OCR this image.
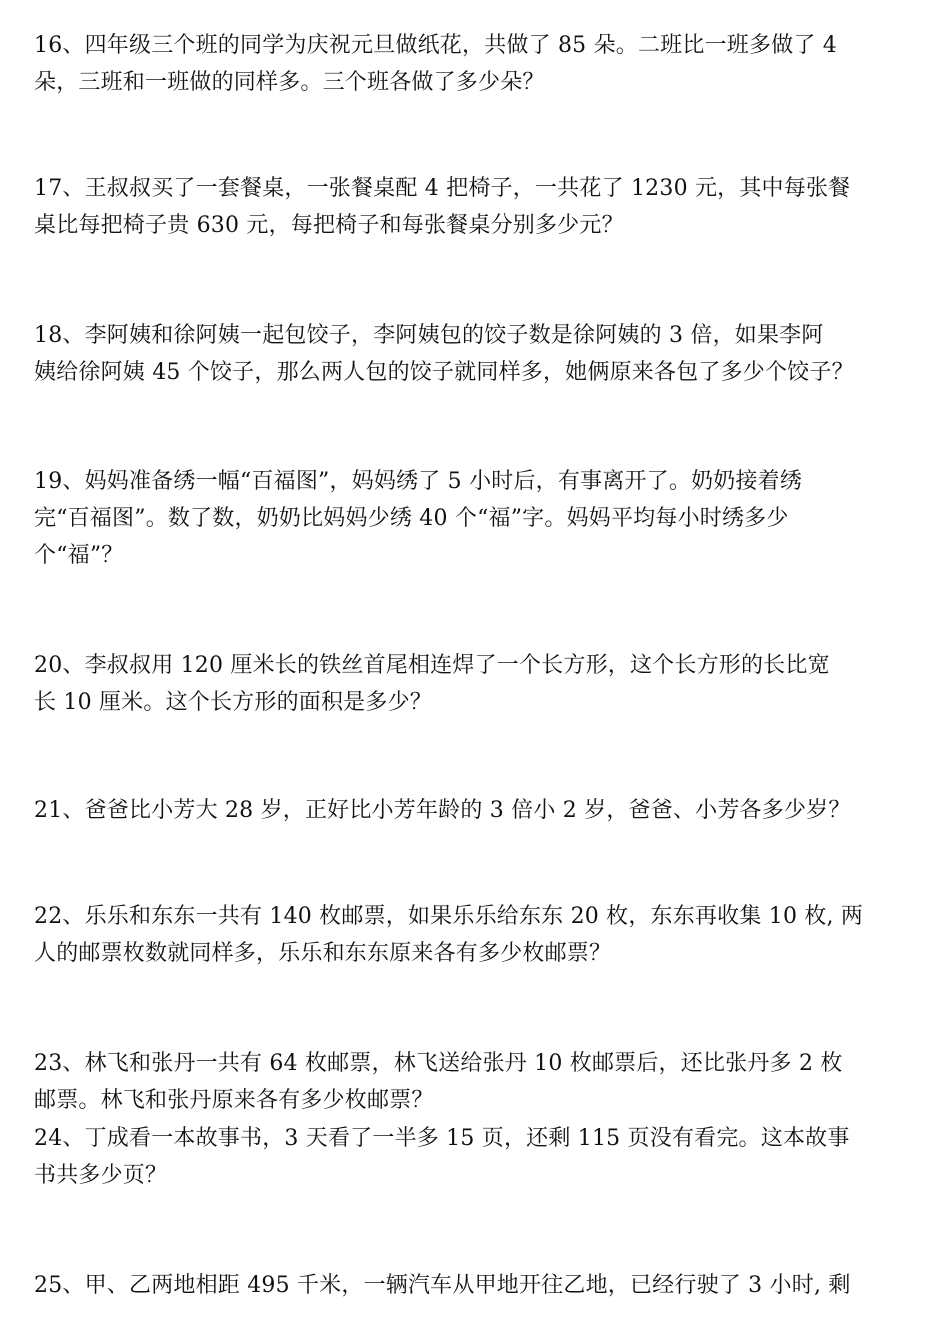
16、四年级三个班的同学为庆祝元旦做纸花，共做了 85 朵。二班比一班多做了 4
朵，三班和一班做的同样多。三个班各做了多少朵？
17、王叔叔买了一套餐桌，一张餐桌配 4 把椅子，一共花了 1230 元，其中每张餐
桌比每把椅子贵 630 元，每把椅子和每张餐桌分别多少元？
18、李阿姨和徐阿姨一起包饺子，李阿姨包的饺子数是徐阿姨的 3 倍，如果李阿
姨给徐阿姨 45 个饺子，那么两人包的饺子就同样多，她俩原来各包了多少个饺子？
19、妈妈准备绣一幅“百福图”，妈妈绣了 5 小时后，有事离开了。奶奶接着绣
完“百福图”。数了数，奶奶比妈妈少绣 40 个“福”字。妈妈平均每小时绣多少
个“福”？
20、李叔叔用 120 厘米长的铁丝首尾相连焊了一个长方形，这个长方形的长比宽
长 10 厘米。这个长方形的面积是多少？
21、爸爸比小芳大 28 岁，正好比小芳年龄的 3 倍小 2 岁，爸爸、小芳各多少岁？
22、乐乐和东东一共有 140 枚邮票，如果乐乐给东东 20 枚，东东再收集 10 枚, 两
人的邮票枚数就同样多，乐乐和东东原来各有多少枚邮票？
23、林飞和张丹一共有 64 枚邮票，林飞送给张丹 10 枚邮票后，还比张丹多 2 枚
邮票。林飞和张丹原来各有多少枚邮票？
24、丁成看一本故事书，3 天看了一半多 15 页，还剩 115 页没有看完。这本故事
书共多少页？
25、甲、乙两地相距 495 千米，一辆汽车从甲地开往乙地，已经行驶了 3 小时, 剩
